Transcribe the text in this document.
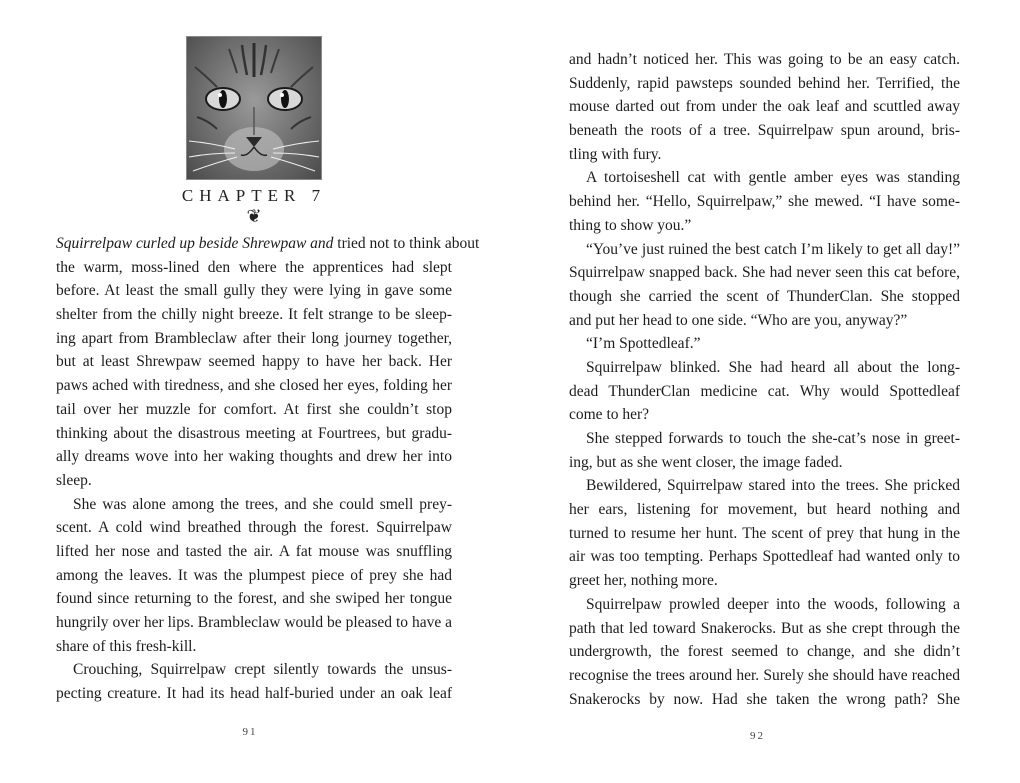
CHAPTER 7
❦
Squirrelpaw curled up beside Shrewpaw and tried not to think about
the warm, moss-lined den where the apprentices had slept
before. At least the small gully they were lying in gave some
shelter from the chilly night breeze. It felt strange to be sleep-
ing apart from Brambleclaw after their long journey together,
but at least Shrewpaw seemed happy to have her back. Her
paws ached with tiredness, and she closed her eyes, folding her
tail over her muzzle for comfort. At first she couldn’t stop
thinking about the disastrous meeting at Fourtrees, but gradu-
ally dreams wove into her waking thoughts and drew her into
sleep.
She was alone among the trees, and she could smell prey-
scent. A cold wind breathed through the forest. Squirrelpaw
lifted her nose and tasted the air. A fat mouse was snuffling
among the leaves. It was the plumpest piece of prey she had
found since returning to the forest, and she swiped her tongue
hungrily over her lips. Brambleclaw would be pleased to have a
share of this fresh-kill.
Crouching, Squirrelpaw crept silently towards the unsus-
pecting creature. It had its head half-buried under an oak leaf
91
and hadn’t noticed her. This was going to be an easy catch.
Suddenly, rapid pawsteps sounded behind her. Terrified, the
mouse darted out from under the oak leaf and scuttled away
beneath the roots of a tree. Squirrelpaw spun around, bris-
tling with fury.
A tortoiseshell cat with gentle amber eyes was standing
behind her. “Hello, Squirrelpaw,” she mewed. “I have some-
thing to show you.”
“You’ve just ruined the best catch I’m likely to get all day!”
Squirrelpaw snapped back. She had never seen this cat before,
though she carried the scent of ThunderClan. She stopped
and put her head to one side. “Who are you, anyway?”
“I’m Spottedleaf.”
Squirrelpaw blinked. She had heard all about the long-
dead ThunderClan medicine cat. Why would Spottedleaf
come to her?
She stepped forwards to touch the she-cat’s nose in greet-
ing, but as she went closer, the image faded.
Bewildered, Squirrelpaw stared into the trees. She pricked
her ears, listening for movement, but heard nothing and
turned to resume her hunt. The scent of prey that hung in the
air was too tempting. Perhaps Spottedleaf had wanted only to
greet her, nothing more.
Squirrelpaw prowled deeper into the woods, following a
path that led toward Snakerocks. But as she crept through the
undergrowth, the forest seemed to change, and she didn’t
recognise the trees around her. Surely she should have reached
Snakerocks by now. Had she taken the wrong path? She
92
